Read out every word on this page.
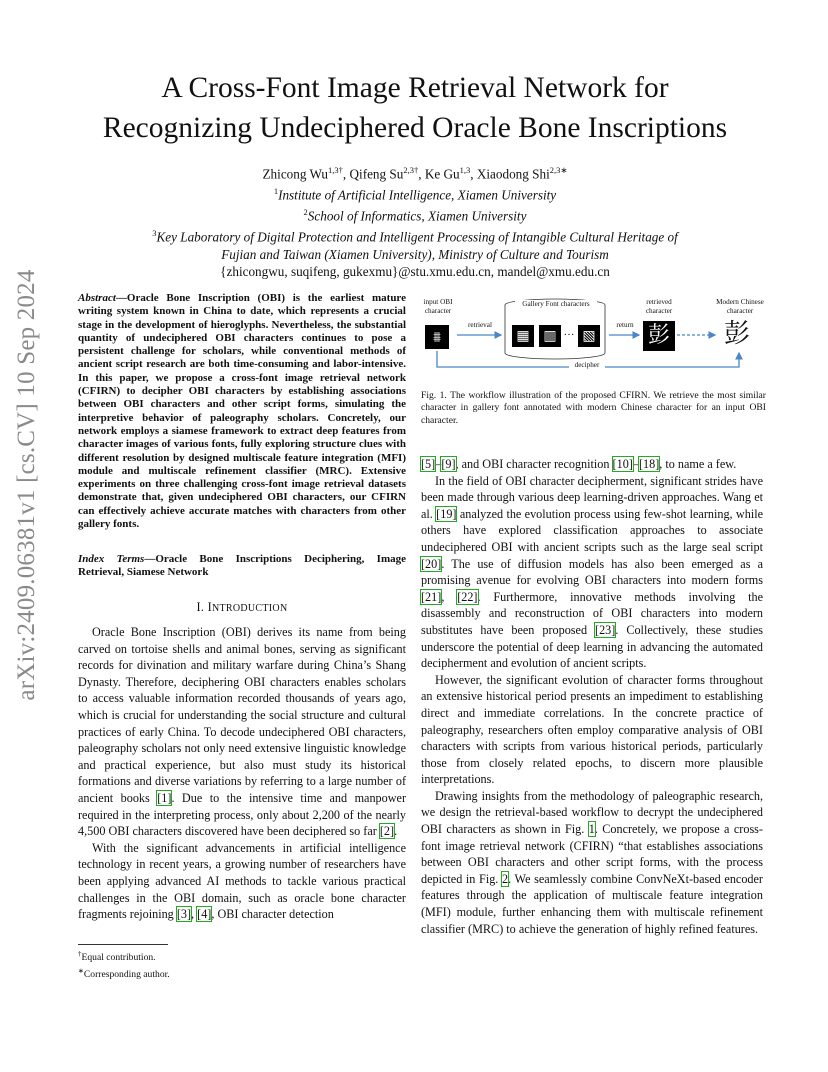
arXiv:2409.06381v1 [cs.CV] 10 Sep 2024
A Cross-Font Image Retrieval Network for
Recognizing Undeciphered Oracle Bone Inscriptions
Zhicong $Wu^{1,3\dagger}$, Qifeng $Su^{2,3\dagger}$, Ke Gu$^{1,3}$, Xiaodong Shi$^{2,3∗}$
$^1$Institute of Artificial Intelligence, Xiamen University
$^2$School of Informatics, Xiamen University
$^3$Key Laboratory of Digital Protection and Intelligent Processing of Intangible Cultural Heritage of
Fujian and Taiwan (Xiamen University), Ministry of Culture and Tourism
{zhicongwu, suqifeng, gukexmu}@stu.xmu.edu.cn, mandel@xmu.edu.cn
Abstract—Oracle Bone Inscription (OBI) is the earliest mature writing system known in China to date, which represents a crucial stage in the development of hieroglyphs. Nevertheless, the substantial quantity of undeciphered OBI characters continues to pose a persistent challenge for scholars, while conventional methods of ancient script research are both time-consuming and labor-intensive. In this paper, we propose a cross-font image retrieval network (CFIRN) to decipher OBI characters by establishing associations between OBI characters and other script forms, simulating the interpretive behavior of paleography scholars. Concretely, our network employs a siamese framework to extract deep features from character images of various fonts, fully exploring structure clues with different resolution by designed multiscale feature integration (MFI) module and multiscale refinement classifier (MRC). Extensive experiments on three challenging cross-font image retrieval datasets demonstrate that, given undeciphered OBI characters, our CFIRN can effectively achieve accurate matches with characters from other gallery fonts.
Index Terms—Oracle Bone Inscriptions Deciphering, Image Retrieval, Siamese Network
I. INTRODUCTION

Oracle Bone Inscription (OBI) derives its name from being carved on tortoise shells and animal bones, serving as significant records for divination and military warfare during China’s Shang Dynasty. Therefore, deciphering OBI characters enables scholars to access valuable information recorded thousands of years ago, which is crucial for understanding the social structure and cultural practices of early China. To decode undeciphered OBI characters, paleography scholars not only need extensive linguistic knowledge and practical experience, but also must study its historical formations and diverse variations by referring to a large number of ancient books [1]. Due to the intensive time and manpower required in the interpreting process, only about 2,200 of the nearly 4,500 OBI characters discovered have been deciphered so far [2].

With the significant advancements in artificial intelligence technology in recent years, a growing number of researchers have been applying advanced AI methods to tackle various practical challenges in the OBI domain, such as oracle bone character fragments rejoining [3], [4], OBI character detection

†Equal contribution.
∗Corresponding author.
input OBI
character
⩩
retrieval
Gallery Font characters
▦ ▥ … ▧
return
retrieved
character
彭
Modern Chinese
character
彭
decipher
Fig. 1. The workflow illustration of the proposed CFIRN. We retrieve the most similar character in gallery font annotated with modern Chinese character for an input OBI character.

[5]–[9], and OBI character recognition [10]–[18], to name a few.

In the field of OBI character decipherment, significant strides have been made through various deep learning-driven approaches. Wang et al. [19] analyzed the evolution process using few-shot learning, while others have explored classification approaches to associate undeciphered OBI with ancient scripts such as the large seal script [20]. The use of diffusion models has also been emerged as a promising avenue for evolving OBI characters into modern forms [21], [22]. Furthermore, innovative methods involving the disassembly and reconstruction of OBI characters into modern substitutes have been proposed [23]. Collectively, these studies underscore the potential of deep learning in advancing the automated decipherment and evolution of ancient scripts.

However, the significant evolution of character forms throughout an extensive historical period presents an impediment to establishing direct and immediate correlations. In the concrete practice of paleography, researchers often employ comparative analysis of OBI characters with scripts from various historical periods, particularly those from closely related epochs, to discern more plausible interpretations.

Drawing insights from the methodology of paleographic research, we design the retrieval-based workflow to decrypt the undeciphered OBI characters as shown in Fig. 1. Concretely, we propose a cross-font image retrieval network (CFIRN) “that establishes associations between OBI characters and other script forms, with the process depicted in Fig. 2. We seamlessly combine ConvNeXt-based encoder features through the application of multiscale feature integration (MFI) module, further enhancing them with multiscale refinement classifier (MRC) to achieve the generation of highly refined features.
